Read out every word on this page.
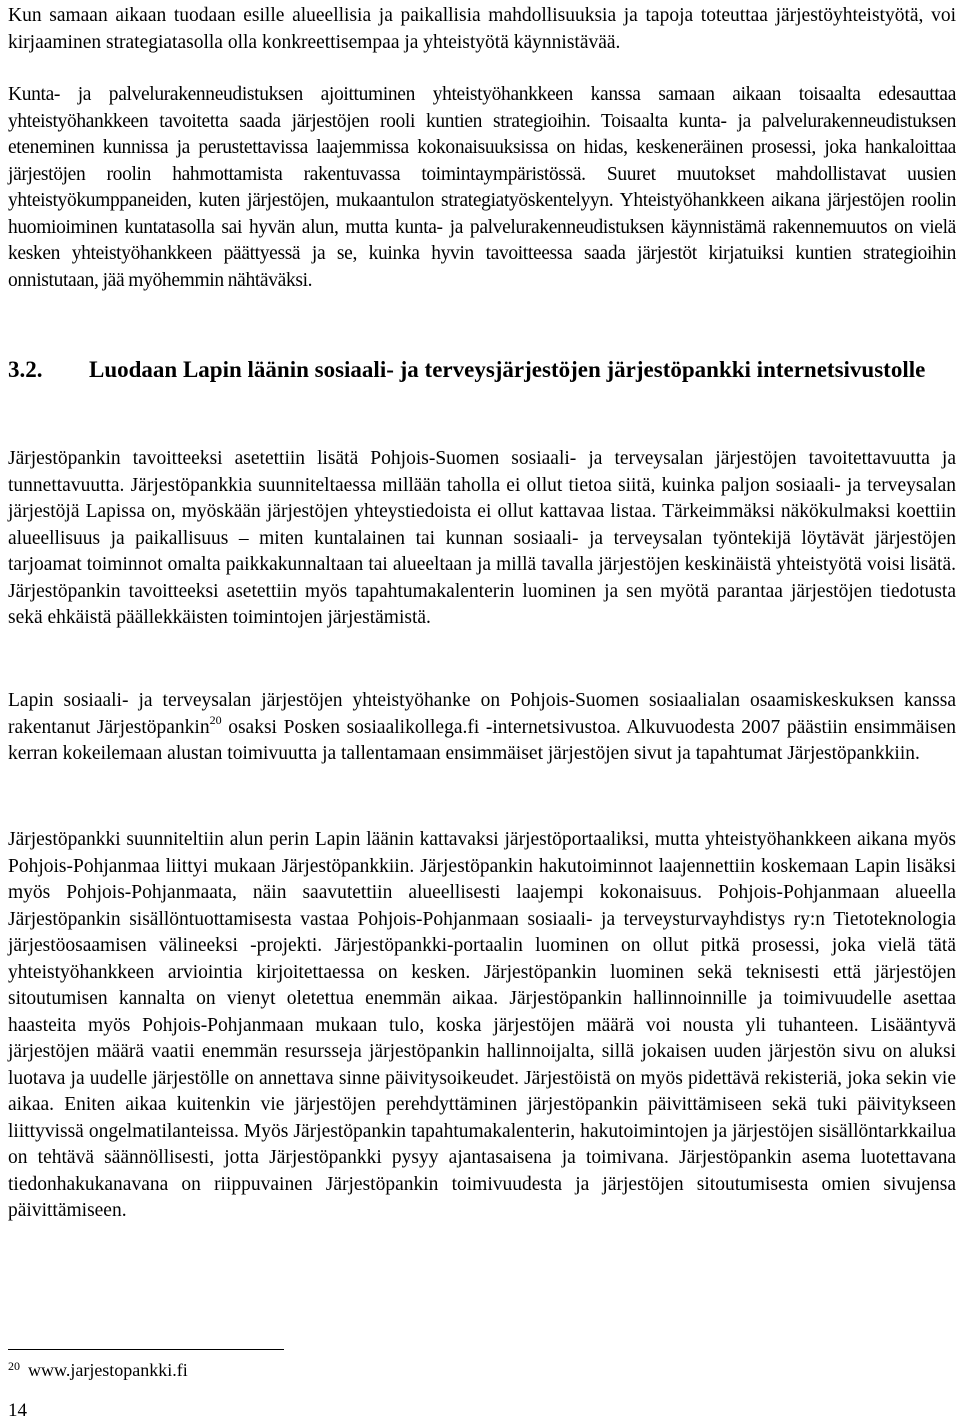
Kun samaan aikaan tuodaan esille alueellisia ja paikallisia mahdollisuuksia ja tapoja toteuttaa järjestöyhteistyötä, voi kirjaaminen strategiatasolla olla konkreettisempaa ja yhteistyötä käynnistävää.

Kunta- ja palvelurakenneudistuksen ajoittuminen yhteistyöhankkeen kanssa samaan aikaan toisaalta edesauttaa yhteistyöhankkeen tavoitetta saada järjestöjen rooli kuntien strategioihin. Toisaalta kunta- ja palvelurakenneudistuksen eteneminen kunnissa ja perustettavissa laajemmissa kokonaisuuksissa on hidas, keskeneräinen prosessi, joka hankaloittaa järjestöjen roolin hahmottamista rakentuvassa toimintaympäristössä. Suuret muutokset mahdollistavat uusien yhteistyökumppaneiden, kuten järjestöjen, mukaantulon strategiatyöskentelyyn. Yhteistyöhankkeen aikana järjestöjen roolin huomioiminen kuntatasolla sai hyvän alun, mutta kunta- ja palvelurakenneudistuksen käynnistämä rakennemuutos on vielä kesken yhteistyöhankkeen päättyessä ja se, kuinka hyvin tavoitteessa saada järjestöt kirjatuiksi kuntien strategioihin onnistutaan, jää myöhemmin nähtäväksi.

3.2. Luodaan Lapin läänin sosiaali- ja terveysjärjestöjen järjestöpankki internetsivustolle

Järjestöpankin tavoitteeksi asetettiin lisätä Pohjois-Suomen sosiaali- ja terveysalan järjestöjen tavoitettavuutta ja tunnettavuutta. Järjestöpankkia suunniteltaessa millään taholla ei ollut tietoa siitä, kuinka paljon sosiaali- ja terveysalan järjestöjä Lapissa on, myöskään järjestöjen yhteystiedoista ei ollut kattavaa listaa. Tärkeimmäksi näkökulmaksi koettiin alueellisuus ja paikallisuus – miten kuntalainen tai kunnan sosiaali- ja terveysalan työntekijä löytävät järjestöjen tarjoamat toiminnot omalta paikkakunnaltaan tai alueeltaan ja millä tavalla järjestöjen keskinäistä yhteistyötä voisi lisätä. Järjestöpankin tavoitteeksi asetettiin myös tapahtumakalenterin luominen ja sen myötä parantaa järjestöjen tiedotusta sekä ehkäistä päällekkäisten toimintojen järjestämistä.

Lapin sosiaali- ja terveysalan järjestöjen yhteistyöhanke on Pohjois-Suomen sosiaalialan osaamiskeskuksen kanssa rakentanut Järjestöpankin$^{20}$ osaksi Posken sosiaalikollega.fi -internetsivustoa. Alkuvuodesta 2007 päästiin ensimmäisen kerran kokeilemaan alustan toimivuutta ja tallentamaan ensimmäiset järjestöjen sivut ja tapahtumat Järjestöpankkiin.

Järjestöpankki suunniteltiin alun perin Lapin läänin kattavaksi järjestöportaaliksi, mutta yhteistyöhankkeen aikana myös Pohjois-Pohjanmaa liittyi mukaan Järjestöpankkiin. Järjestöpankin hakutoiminnot laajennettiin koskemaan Lapin lisäksi myös Pohjois-Pohjanmaata, näin saavutettiin alueellisesti laajempi kokonaisuus. Pohjois-Pohjanmaan alueella Järjestöpankin sisällöntuottamisesta vastaa Pohjois-Pohjanmaan sosiaali- ja terveysturvayhdistys ry:n Tietoteknologia järjestöosaamisen välineeksi -projekti. Järjestöpankki-portaalin luominen on ollut pitkä prosessi, joka vielä tätä yhteistyöhankkeen arviointia kirjoitettaessa on kesken. Järjestöpankin luominen sekä teknisesti että järjestöjen sitoutumisen kannalta on vienyt oletettua enemmän aikaa. Järjestöpankin hallinnoinnille ja toimivuudelle asettaa haasteita myös Pohjois-Pohjanmaan mukaan tulo, koska järjestöjen määrä voi nousta yli tuhanteen. Lisääntyvä järjestöjen määrä vaatii enemmän resursseja järjestöpankin hallinnoijalta, sillä jokaisen uuden järjestön sivu on aluksi luotava ja uudelle järjestölle on annettava sinne päivitysoikeudet. Järjestöistä on myös pidettävä rekisteriä, joka sekin vie aikaa. Eniten aikaa kuitenkin vie järjestöjen perehdyttäminen järjestöpankin päivittämiseen sekä tuki päivitykseen liittyvissä ongelmatilanteissa. Myös Järjestöpankin tapahtumakalenterin, hakutoimintojen ja järjestöjen sisällöntarkkailua on tehtävä säännöllisesti, jotta Järjestöpankki pysyy ajantasaisena ja toimivana. Järjestöpankin asema luotettavana tiedonhakukanavana on riippuvainen Järjestöpankin toimivuudesta ja järjestöjen sitoutumisesta omien sivujensa päivittämiseen.

20 www.jarjestopankki.fi
14
